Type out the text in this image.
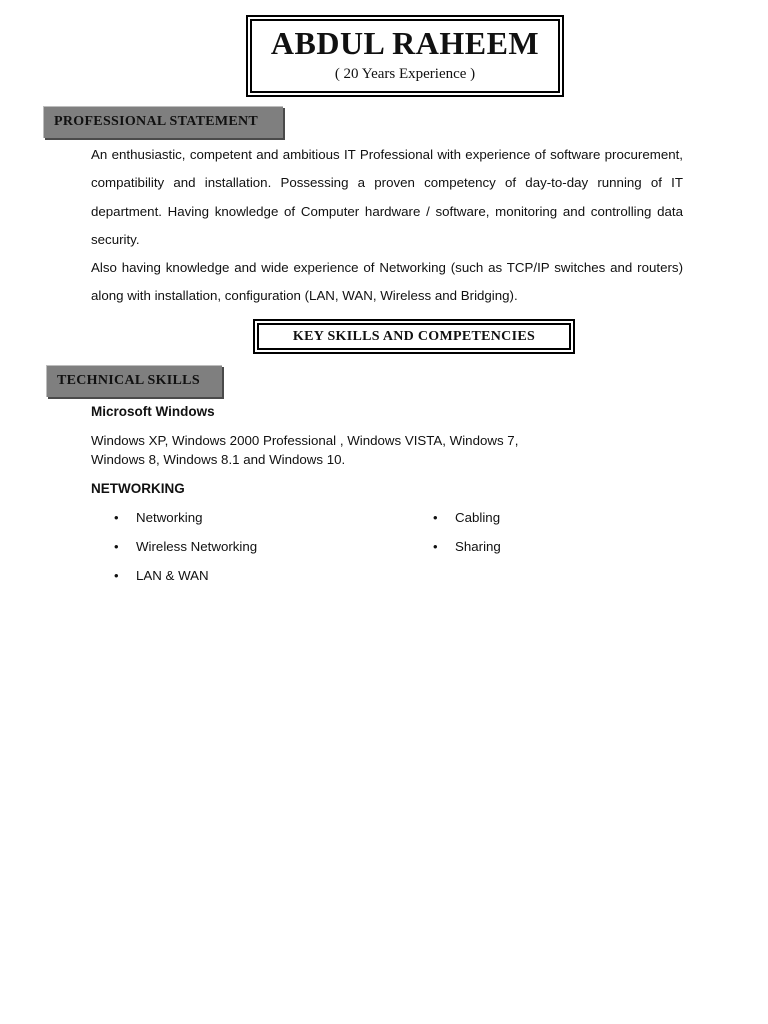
ABDUL RAHEEM
( 20 Years Experience )
PROFESSIONAL STATEMENT

An enthusiastic, competent and ambitious IT Professional with experience of software procurement, compatibility and installation. Possessing a proven competency of day-to-day running of IT department. Having knowledge of Computer hardware / software, monitoring and controlling data security.

Also having knowledge and wide experience of Networking (such as TCP/IP switches and routers) along with installation, configuration (LAN, WAN, Wireless and Bridging).

KEY SKILLS AND COMPETENCIES
TECHNICAL SKILLS
Microsoft Windows

Windows XP, Windows 2000 Professional , Windows VISTA, Windows 7,
Windows 8, Windows 8.1 and Windows 10.

NETWORKING
•	Networking
•	Wireless Networking
•	LAN & WAN
•	Cabling
•	Sharing
